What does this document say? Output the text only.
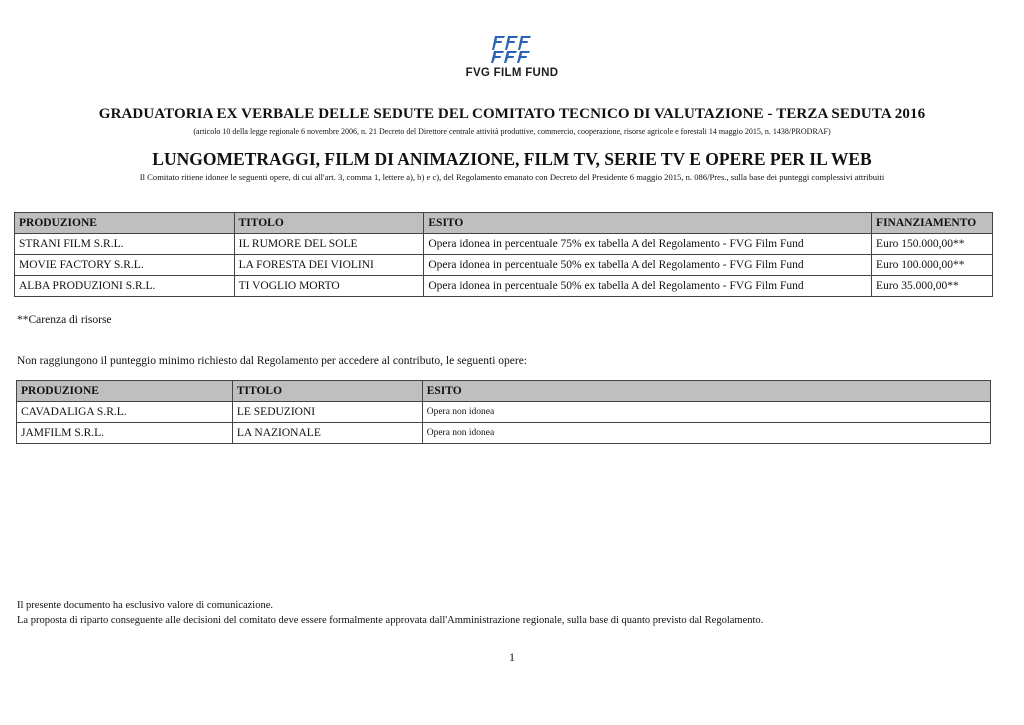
FVG FILM FUND
GRADUATORIA EX VERBALE DELLE SEDUTE DEL COMITATO TECNICO DI VALUTAZIONE - TERZA SEDUTA 2016
(articolo 10 della legge regionale 6 novembre 2006, n. 21 Decreto del Direttore centrale attività produttive, commercio, cooperazione, risorse agricole e forestali 14 maggio 2015, n. 1438/PRODRAF)
LUNGOMETRAGGI, FILM DI ANIMAZIONE, FILM TV, SERIE TV E OPERE PER IL WEB
Il Comitato ritiene idonee le seguenti opere, di cui all'art. 3, comma 1, lettere a), b) e c), del Regolamento emanato con Decreto del Presidente 6 maggio 2015, n. 086/Pres., sulla base dei punteggi complessivi attribuiti
PRODUZIONE	TITOLO	ESITO	FINANZIAMENTO
STRANI FILM S.R.L.	IL RUMORE DEL SOLE	Opera idonea in percentuale 75% ex tabella A del Regolamento - FVG Film Fund	Euro 150.000,00**
MOVIE FACTORY S.R.L.	LA FORESTA DEI VIOLINI	Opera idonea in percentuale 50% ex tabella A del Regolamento - FVG Film Fund	Euro 100.000,00**
ALBA PRODUZIONI S.R.L.	TI VOGLIO MORTO	Opera idonea in percentuale 50% ex tabella A del Regolamento - FVG Film Fund	Euro 35.000,00**
**Carenza di risorse
Non raggiungono il punteggio minimo richiesto dal Regolamento per accedere al contributo, le seguenti opere:
PRODUZIONE	TITOLO	ESITO
CAVADALIGA S.R.L.	LE SEDUZIONI	Opera non idonea
JAMFILM S.R.L.	LA NAZIONALE	Opera non idonea
Il presente documento ha esclusivo valore di comunicazione.
La proposta di riparto conseguente alle decisioni del comitato deve essere formalmente approvata dall'Amministrazione regionale, sulla base di quanto previsto dal Regolamento.
1
